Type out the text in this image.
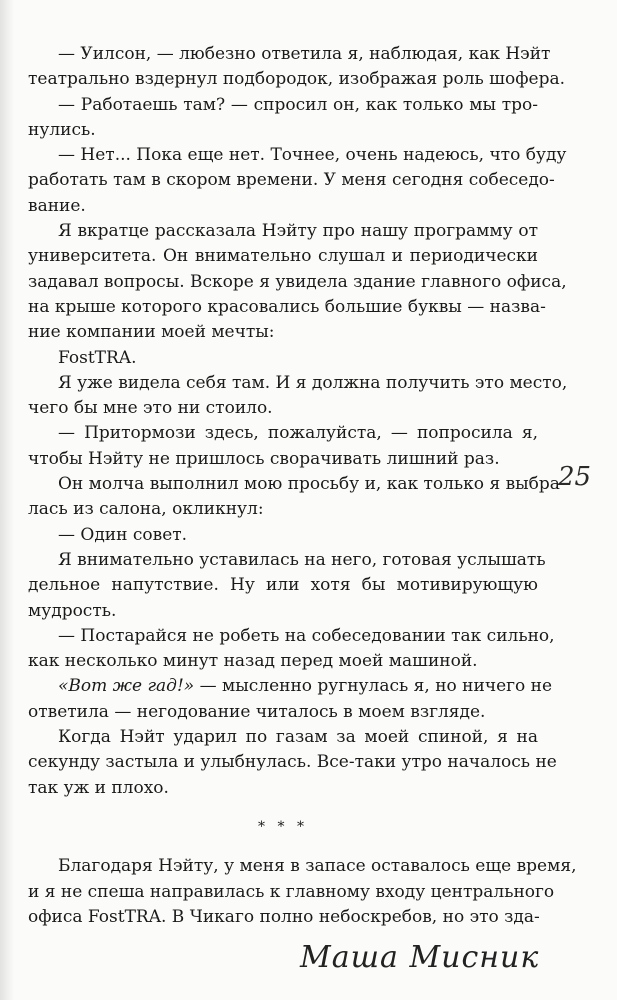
— Уилсон, — любезно ответила я, наблюдая, как Нэйт
театрально вздернул подбородок, изображая роль шофера.
— Работаешь там? — спросил он, как только мы тро-
нулись.
— Нет... Пока еще нет. Точнее, очень надеюсь, что буду
работать там в скором времени. У меня сегодня собеседо-
вание.
Я вкратце рассказала Нэйту про нашу программу от
университета. Он внимательно слушал и периодически
задавал вопросы. Вскоре я увидела здание главного офиса,
на крыше которого красовались большие буквы — назва-
ние компании моей мечты:
FostTRA.
Я уже видела себя там. И я должна получить это место,
чего бы мне это ни стоило.
— Притормози здесь, пожалуйста, — попросила я,
чтобы Нэйту не пришлось сворачивать лишний раз.
Он молча выполнил мою просьбу и, как только я выбра-
лась из салона, окликнул:
— Один совет.
Я внимательно уставилась на него, готовая услышать
дельное напутствие. Ну или хотя бы мотивирующую
мудрость.
— Постарайся не робеть на собеседовании так сильно,
как несколько минут назад перед моей машиной.
«Вот же гад!» — мысленно ругнулась я, но ничего не
ответила — негодование читалось в моем взгляде.
Когда Нэйт ударил по газам за моей спиной, я на
секунду застыла и улыбнулась. Все-таки утро началось не
так уж и плохо.
* * *
Благодаря Нэйту, у меня в запасе оставалось еще время,
и я не спеша направилась к главному входу центрального
офиса FostTRA. В Чикаго полно небоскребов, но это зда-
25
Маша Мисник
